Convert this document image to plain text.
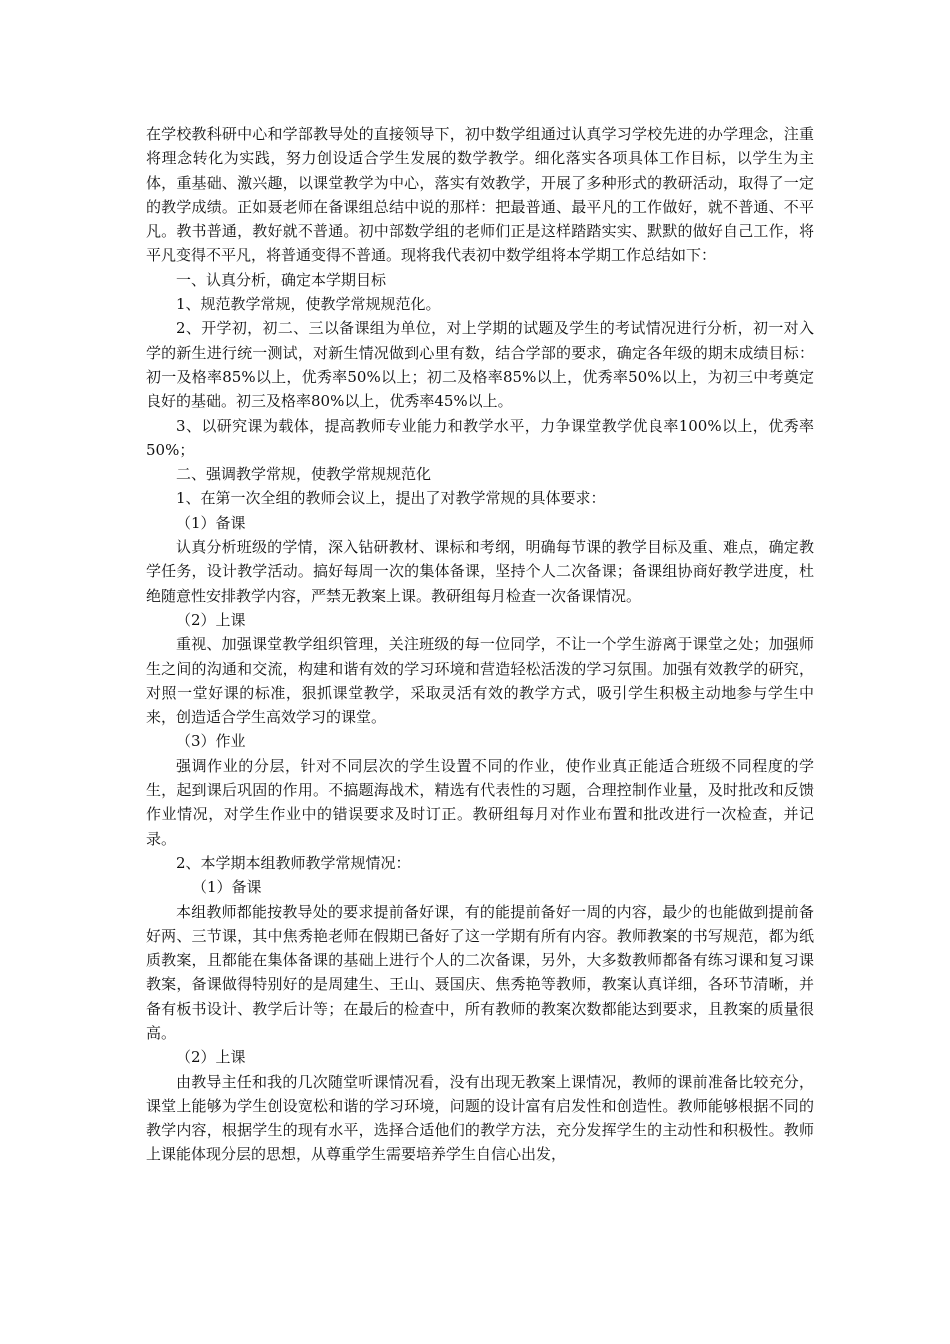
在学校教科研中心和学部教导处的直接领导下，初中数学组通过认真学习学校先进的办学理念，注重将理念转化为实践，努力创设适合学生发展的数学教学。细化落实各项具体工作目标，以学生为主体，重基础、激兴趣，以课堂教学为中心，落实有效教学，开展了多种形式的教研活动，取得了一定的教学成绩。正如聂老师在备课组总结中说的那样：把最普通、最平凡的工作做好，就不普通、不平凡。教书普通，教好就不普通。初中部数学组的老师们正是这样踏踏实实、默默的做好自己工作，将平凡变得不平凡，将普通变得不普通。现将我代表初中数学组将本学期工作总结如下：

一、认真分析，确定本学期目标

1、规范教学常规，使教学常规规范化。

2、开学初，初二、三以备课组为单位，对上学期的试题及学生的考试情况进行分析，初一对入学的新生进行统一测试，对新生情况做到心里有数，结合学部的要求，确定各年级的期末成绩目标：初一及格率85%以上，优秀率50%以上；初二及格率85%以上，优秀率50%以上，为初三中考奠定良好的基础。初三及格率80%以上，优秀率45%以上。

3、以研究课为载体，提高教师专业能力和教学水平，力争课堂教学优良率100%以上，优秀率50%；

二、强调教学常规，使教学常规规范化

1、在第一次全组的教师会议上，提出了对教学常规的具体要求：

（1）备课

认真分析班级的学情，深入钻研教材、课标和考纲，明确每节课的教学目标及重、难点，确定教学任务，设计教学活动。搞好每周一次的集体备课，坚持个人二次备课；备课组协商好教学进度，杜绝随意性安排教学内容，严禁无教案上课。教研组每月检查一次备课情况。

（2）上课

重视、加强课堂教学组织管理，关注班级的每一位同学，不让一个学生游离于课堂之处；加强师生之间的沟通和交流，构建和谐有效的学习环境和营造轻松活泼的学习氛围。加强有效教学的研究，对照一堂好课的标准，狠抓课堂教学，采取灵活有效的教学方式，吸引学生积极主动地参与学生中来，创造适合学生高效学习的课堂。

（3）作业

强调作业的分层，针对不同层次的学生设置不同的作业，使作业真正能适合班级不同程度的学生，起到课后巩固的作用。不搞题海战术，精选有代表性的习题，合理控制作业量，及时批改和反馈作业情况，对学生作业中的错误要求及时订正。教研组每月对作业布置和批改进行一次检查，并记录。

2、本学期本组教师教学常规情况：

（1）备课

本组教师都能按教导处的要求提前备好课，有的能提前备好一周的内容，最少的也能做到提前备好两、三节课，其中焦秀艳老师在假期已备好了这一学期有所有内容。教师教案的书写规范，都为纸质教案，且都能在集体备课的基础上进行个人的二次备课，另外，大多数教师都备有练习课和复习课教案，备课做得特别好的是周建生、王山、聂国庆、焦秀艳等教师，教案认真详细，各环节清晰，并备有板书设计、教学后计等；在最后的检查中，所有教师的教案次数都能达到要求，且教案的质量很高。

（2）上课

由教导主任和我的几次随堂听课情况看，没有出现无教案上课情况，教师的课前准备比较充分，课堂上能够为学生创设宽松和谐的学习环境，问题的设计富有启发性和创造性。教师能够根据不同的教学内容，根据学生的现有水平，选择合适他们的教学方法，充分发挥学生的主动性和积极性。教师上课能体现分层的思想，从尊重学生需要培养学生自信心出发，
